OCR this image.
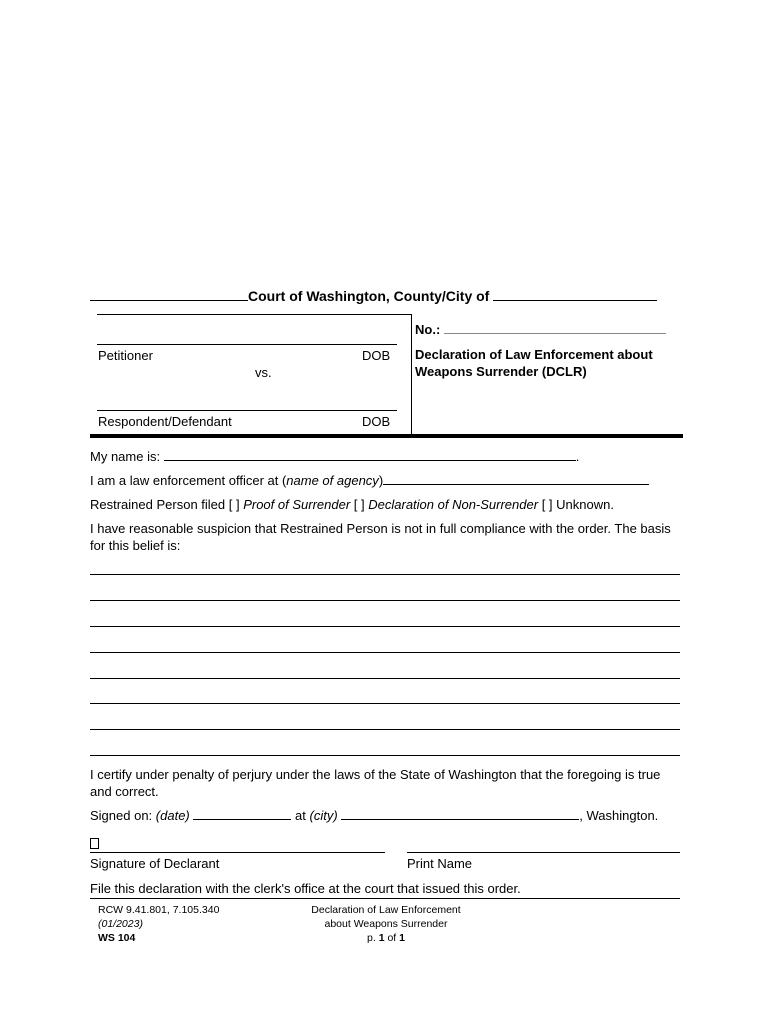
Court of Washington, County/City of
Petitioner	DOB
vs.
Respondent/Defendant	DOB
No.:
Declaration of Law Enforcement about Weapons Surrender (DCLR)
My name is:	.
I am a law enforcement officer at (name of agency)
Restrained Person filed [ ] Proof of Surrender [ ] Declaration of Non-Surrender [ ] Unknown.
I have reasonable suspicion that Restrained Person is not in full compliance with the order. The basis for this belief is:
I certify under penalty of perjury under the laws of the State of Washington that the foregoing is true and correct.
Signed on: (date)	at (city)	, Washington.
Signature of Declarant	Print Name
File this declaration with the clerk's office at the court that issued this order.
RCW 9.41.801, 7.105.340
(01/2023)
WS 104
Declaration of Law Enforcement
about Weapons Surrender
p. 1 of 1
